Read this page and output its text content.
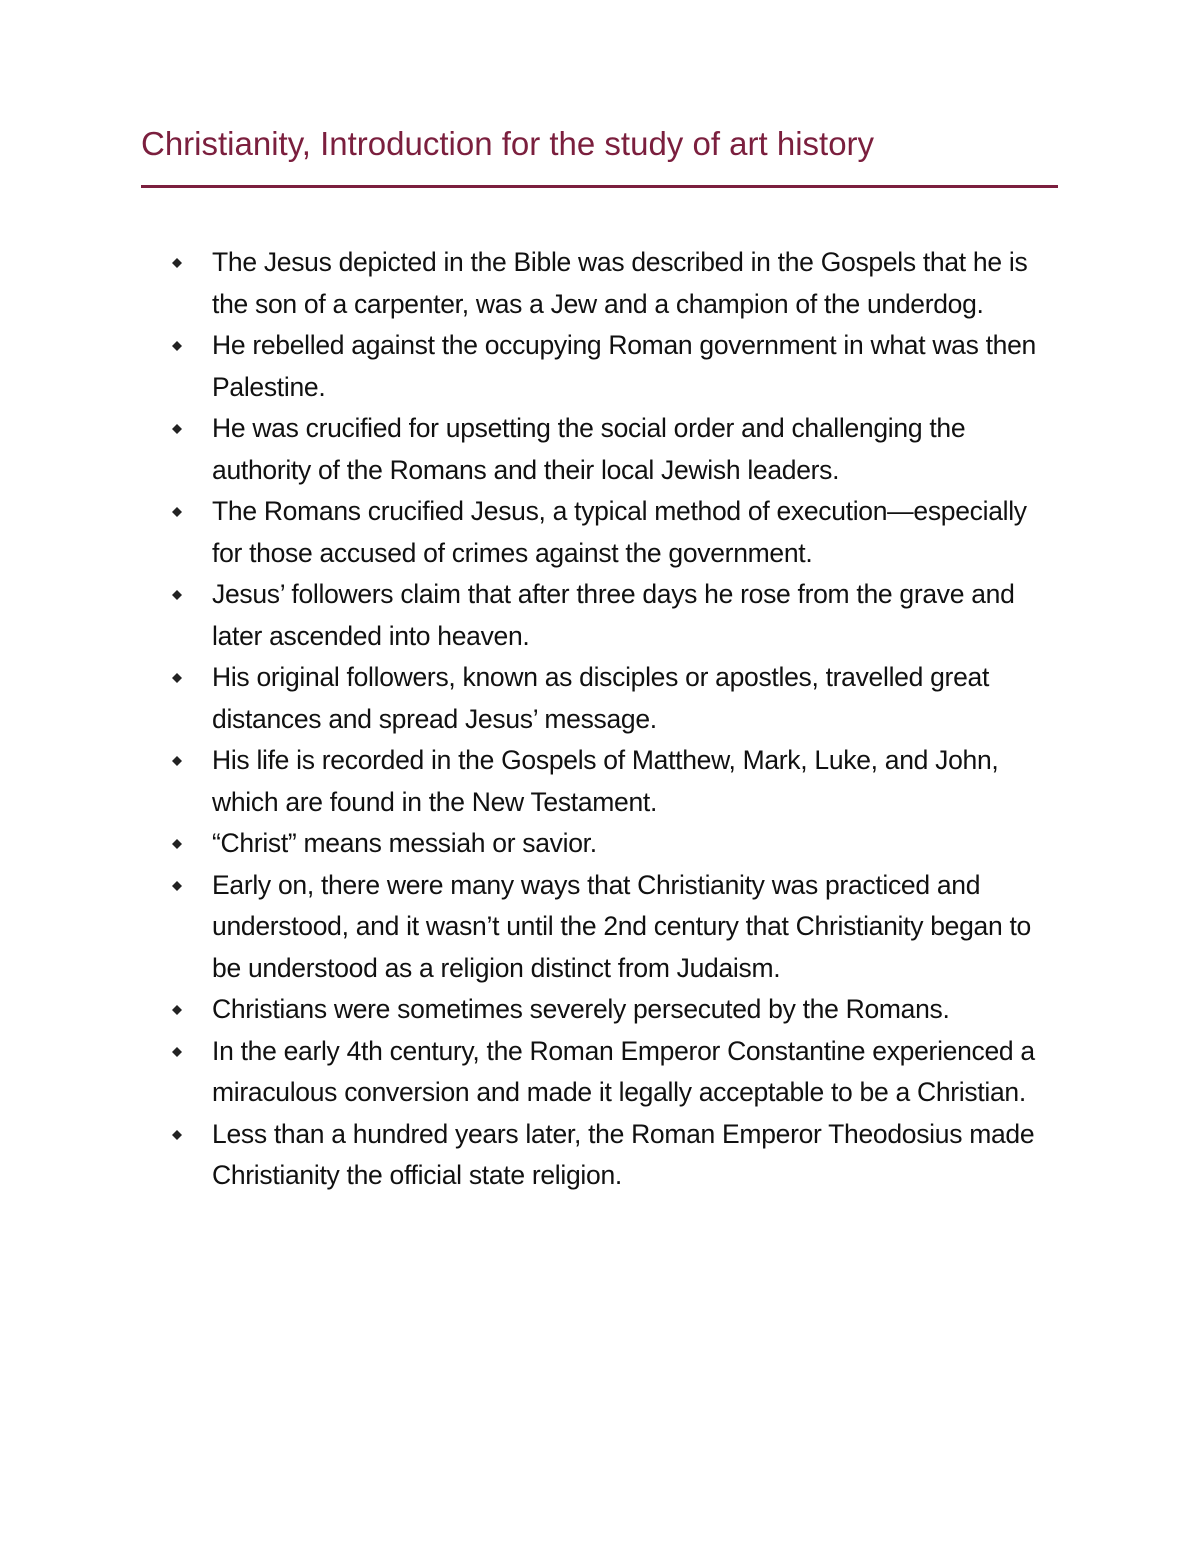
Christianity, Introduction for the study of art history
The Jesus depicted in the Bible was described in the Gospels that he is the son of a carpenter, was a Jew and a champion of the underdog.
He rebelled against the occupying Roman government in what was then Palestine.
He was crucified for upsetting the social order and challenging the authority of the Romans and their local Jewish leaders.
The Romans crucified Jesus, a typical method of execution—especially for those accused of crimes against the government.
Jesus’ followers claim that after three days he rose from the grave and later ascended into heaven.
His original followers, known as disciples or apostles, travelled great distances and spread Jesus’ message.
His life is recorded in the Gospels of Matthew, Mark, Luke, and John, which are found in the New Testament.
“Christ” means messiah or savior.
Early on, there were many ways that Christianity was practiced and understood, and it wasn’t until the 2nd century that Christianity began to be understood as a religion distinct from Judaism.
Christians were sometimes severely persecuted by the Romans.
In the early 4th century, the Roman Emperor Constantine experienced a miraculous conversion and made it legally acceptable to be a Christian.
Less than a hundred years later, the Roman Emperor Theodosius made Christianity the official state religion.
